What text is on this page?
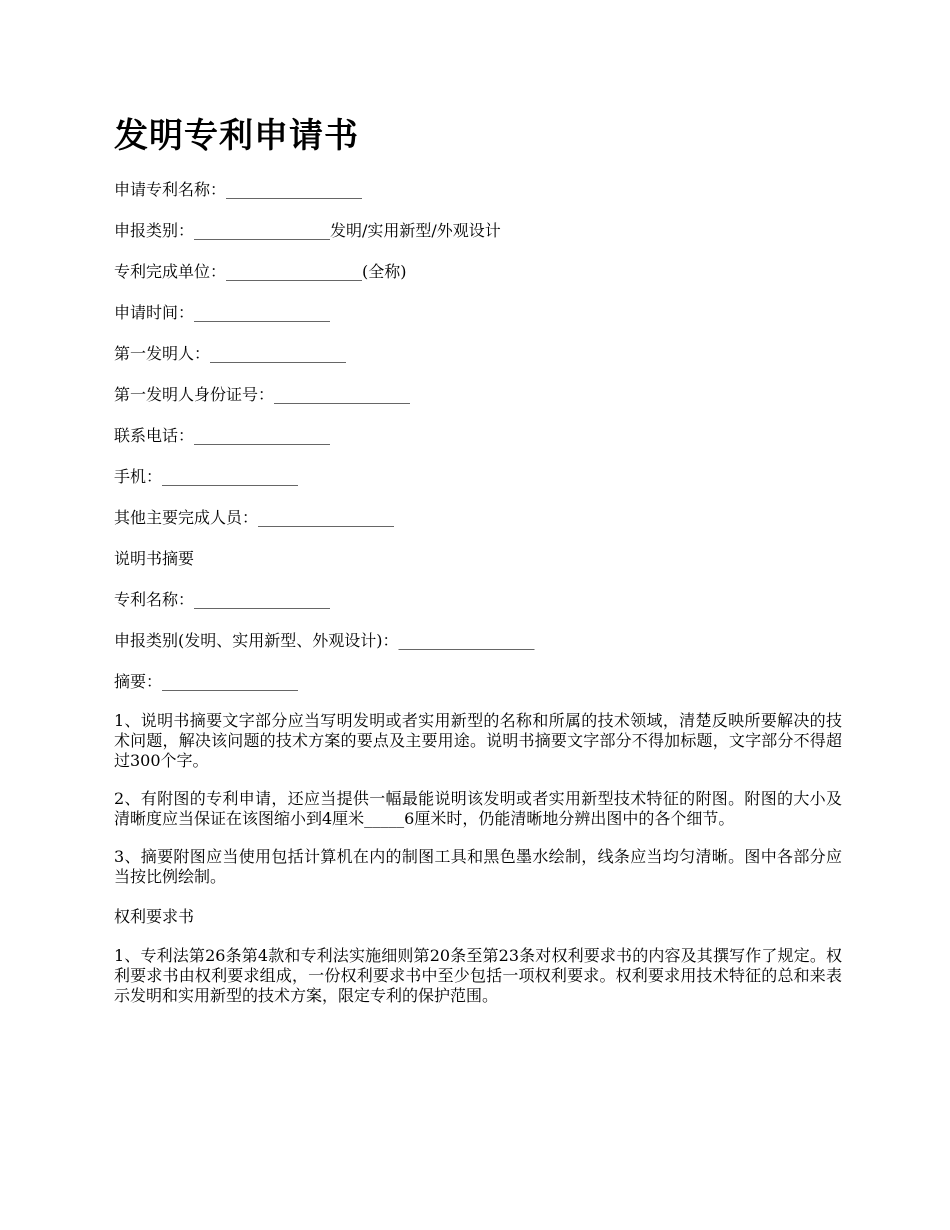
发明专利申请书
申请专利名称：_________________
申报类别：_________________发明/实用新型/外观设计
专利完成单位：_________________(全称)
申请时间：_________________
第一发明人：_________________
第一发明人身份证号：_________________
联系电话：_________________
手机：_________________
其他主要完成人员：_________________
说明书摘要
专利名称：_________________
申报类别(发明、实用新型、外观设计)：_________________
摘要：_________________

1、说明书摘要文字部分应当写明发明或者实用新型的名称和所属的技术领域，清楚反映所要解决的技术问题，解决该问题的技术方案的要点及主要用途。说明书摘要文字部分不得加标题，文字部分不得超过300个字。

2、有附图的专利申请，还应当提供一幅最能说明该发明或者实用新型技术特征的附图。附图的大小及清晰度应当保证在该图缩小到4厘米_____6厘米时，仍能清晰地分辨出图中的各个细节。

3、摘要附图应当使用包括计算机在内的制图工具和黑色墨水绘制，线条应当均匀清晰。图中各部分应当按比例绘制。

权利要求书

1、专利法第26条第4款和专利法实施细则第20条至第23条对权利要求书的内容及其撰写作了规定。权利要求书由权利要求组成，一份权利要求书中至少包括一项权利要求。权利要求用技术特征的总和来表示发明和实用新型的技术方案，限定专利的保护范围。
